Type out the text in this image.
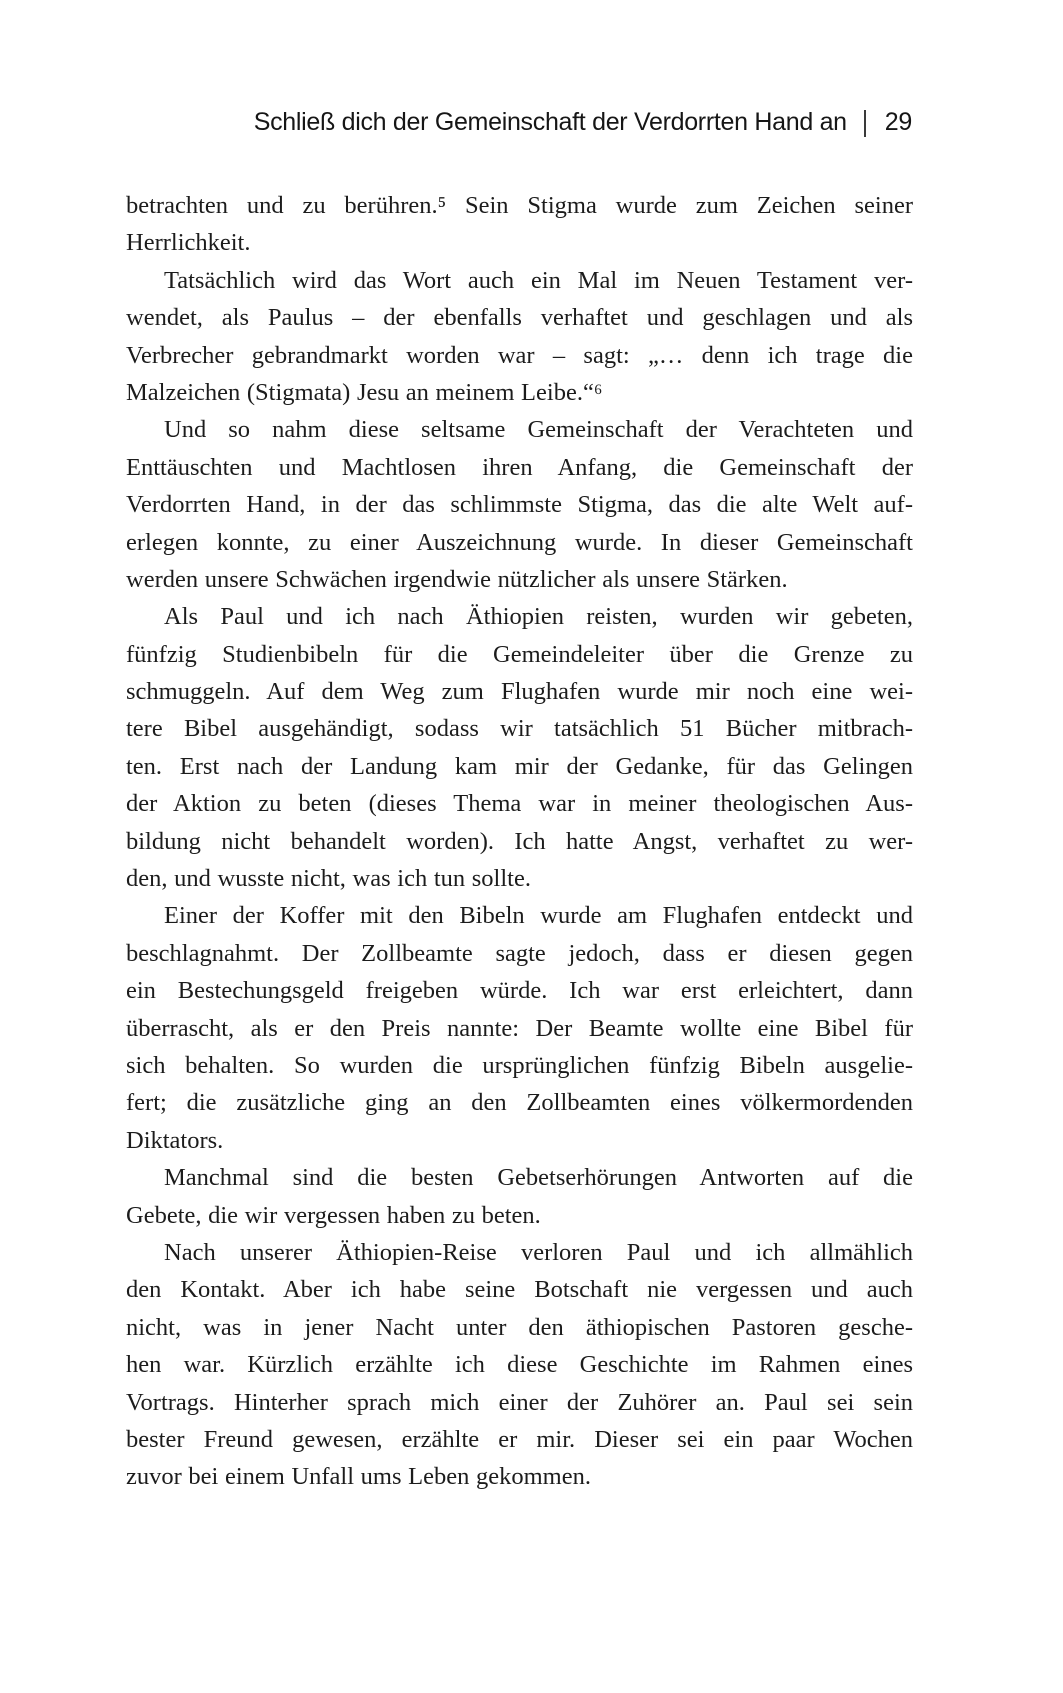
Schließ dich der Gemeinschaft der Verdorrten Hand an 29
betrachten und zu berühren.⁵ Sein Stigma wurde zum Zeichen seiner
Herrlichkeit.
Tatsächlich wird das Wort auch ein Mal im Neuen Testament ver-
wendet, als Paulus – der ebenfalls verhaftet und geschlagen und als
Verbrecher gebrandmarkt worden war – sagt: „… denn ich trage die
Malzeichen (Stigmata) Jesu an meinem Leibe.“⁶
Und so nahm diese seltsame Gemeinschaft der Verachteten und
Enttäuschten und Machtlosen ihren Anfang, die Gemeinschaft der
Verdorrten Hand, in der das schlimmste Stigma, das die alte Welt auf-
erlegen konnte, zu einer Auszeichnung wurde. In dieser Gemeinschaft
werden unsere Schwächen irgendwie nützlicher als unsere Stärken.
Als Paul und ich nach Äthiopien reisten, wurden wir gebeten,
fünfzig Studienbibeln für die Gemeindeleiter über die Grenze zu
schmuggeln. Auf dem Weg zum Flughafen wurde mir noch eine wei-
tere Bibel ausgehändigt, sodass wir tatsächlich 51 Bücher mitbrach-
ten. Erst nach der Landung kam mir der Gedanke, für das Gelingen
der Aktion zu beten (dieses Thema war in meiner theologischen Aus-
bildung nicht behandelt worden). Ich hatte Angst, verhaftet zu wer-
den, und wusste nicht, was ich tun sollte.
Einer der Koffer mit den Bibeln wurde am Flughafen entdeckt und
beschlagnahmt. Der Zollbeamte sagte jedoch, dass er diesen gegen
ein Bestechungsgeld freigeben würde. Ich war erst erleichtert, dann
überrascht, als er den Preis nannte: Der Beamte wollte eine Bibel für
sich behalten. So wurden die ursprünglichen fünfzig Bibeln ausgelie-
fert; die zusätzliche ging an den Zollbeamten eines völkermordenden
Diktators.
Manchmal sind die besten Gebetserhörungen Antworten auf die
Gebete, die wir vergessen haben zu beten.
Nach unserer Äthiopien-Reise verloren Paul und ich allmählich
den Kontakt. Aber ich habe seine Botschaft nie vergessen und auch
nicht, was in jener Nacht unter den äthiopischen Pastoren gesche-
hen war. Kürzlich erzählte ich diese Geschichte im Rahmen eines
Vortrags. Hinterher sprach mich einer der Zuhörer an. Paul sei sein
bester Freund gewesen, erzählte er mir. Dieser sei ein paar Wochen
zuvor bei einem Unfall ums Leben gekommen.
